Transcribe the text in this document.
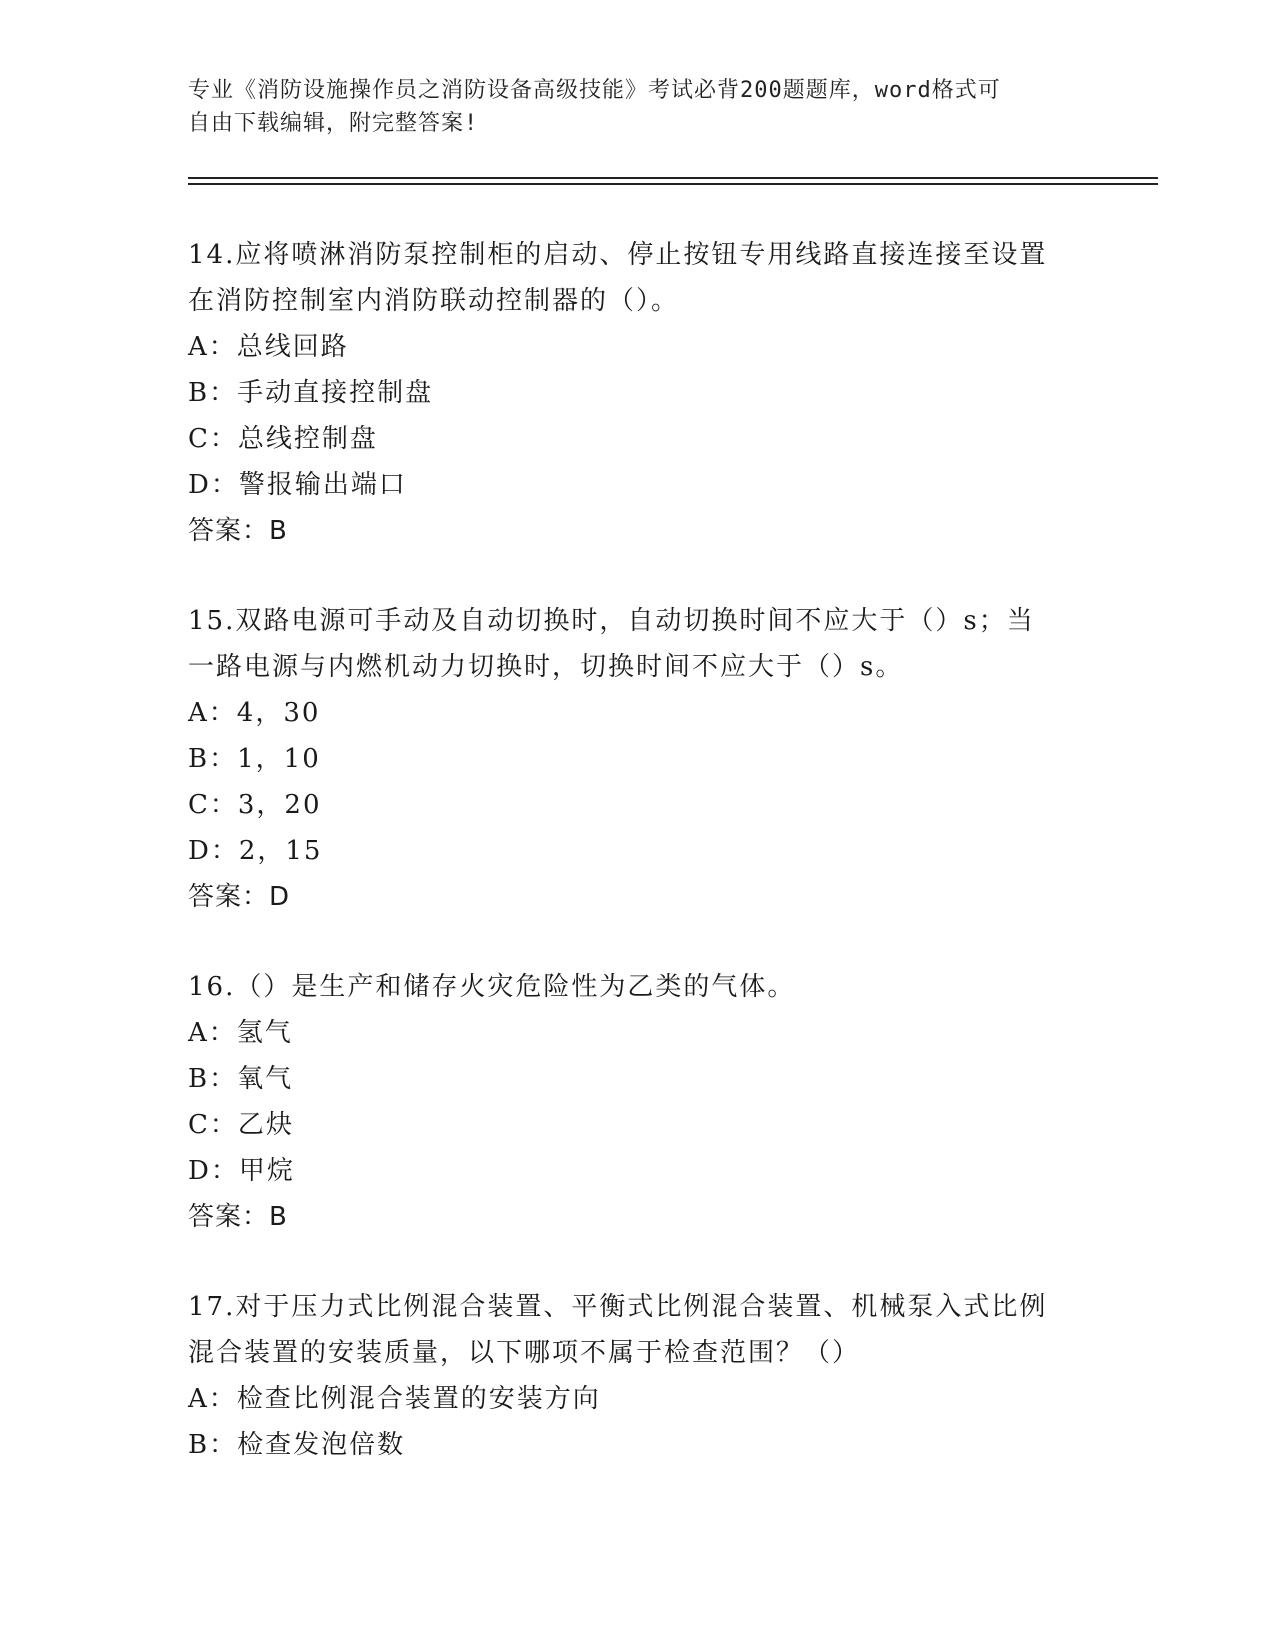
专业《消防设施操作员之消防设备高级技能》考试必背200题题库，word格式可

自由下载编辑，附完整答案!

14.应将喷淋消防泵控制柜的启动、停止按钮专用线路直接连接至设置

在消防控制室内消防联动控制器的（）。

A：总线回路

B：手动直接控制盘

C：总线控制盘

D：警报输出端口

答案：B

15.双路电源可手动及自动切换时，自动切换时间不应大于（）s；当

一路电源与内燃机动力切换时，切换时间不应大于（）s。

A：4，30

B：1，10

C：3，20

D：2，15

答案：D

16.（）是生产和储存火灾危险性为乙类的气体。

A：氢气

B：氧气

C：乙炔

D：甲烷

答案：B

17.对于压力式比例混合装置、平衡式比例混合装置、机械泵入式比例

混合装置的安装质量，以下哪项不属于检查范围？（）

A：检查比例混合装置的安装方向

B：检查发泡倍数
